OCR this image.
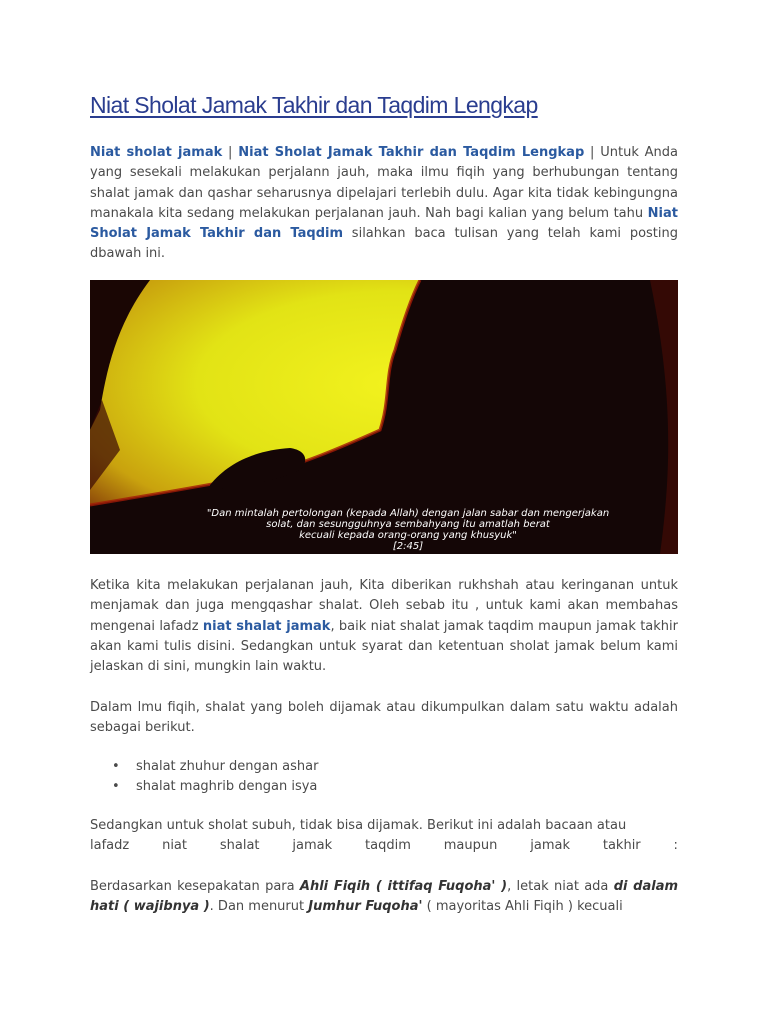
Niat Sholat Jamak Takhir dan Taqdim Lengkap

Niat sholat jamak | Niat Sholat Jamak Takhir dan Taqdim Lengkap | Untuk Anda yang sesekali melakukan perjalann jauh, maka ilmu fiqih yang berhubungan tentang shalat jamak dan qashar seharusnya dipelajari terlebih dulu. Agar kita tidak kebingungna manakala kita sedang melakukan perjalanan jauh. Nah bagi kalian yang belum tahu Niat Sholat Jamak Takhir dan Taqdim silahkan baca tulisan yang telah kami posting dbawah ini.

"Dan mintalah pertolongan (kepada Allah) dengan jalan sabar dan mengerjakan
solat, dan sesungguhnya sembahyang itu amatlah berat
kecuali kepada orang-orang yang khusyuk"
[2:45]

Ketika kita melakukan perjalanan jauh, Kita diberikan rukhshah atau keringanan untuk menjamak dan juga mengqashar shalat. Oleh sebab itu , untuk kami akan membahas mengenai lafadz niat shalat jamak, baik niat shalat jamak taqdim maupun jamak takhir akan kami tulis disini. Sedangkan untuk syarat dan ketentuan sholat jamak belum kami jelaskan di sini, mungkin lain waktu.

Dalam lmu fiqih, shalat yang boleh dijamak atau dikumpulkan dalam satu waktu adalah sebagai berikut.

• shalat zhuhur dengan ashar
• shalat maghrib dengan isya
Sedangkan untuk sholat subuh, tidak bisa dijamak. Berikut ini adalah bacaan atau
lafadz	niat	shalat	jamak	taqdim	maupun	jamak	takhir	:

Berdasarkan kesepakatan para Ahli Fiqih ( ittifaq Fuqoha' ), letak niat ada di dalam hati ( wajibnya ). Dan menurut Jumhur Fuqoha' ( mayoritas Ahli Fiqih ) kecuali
